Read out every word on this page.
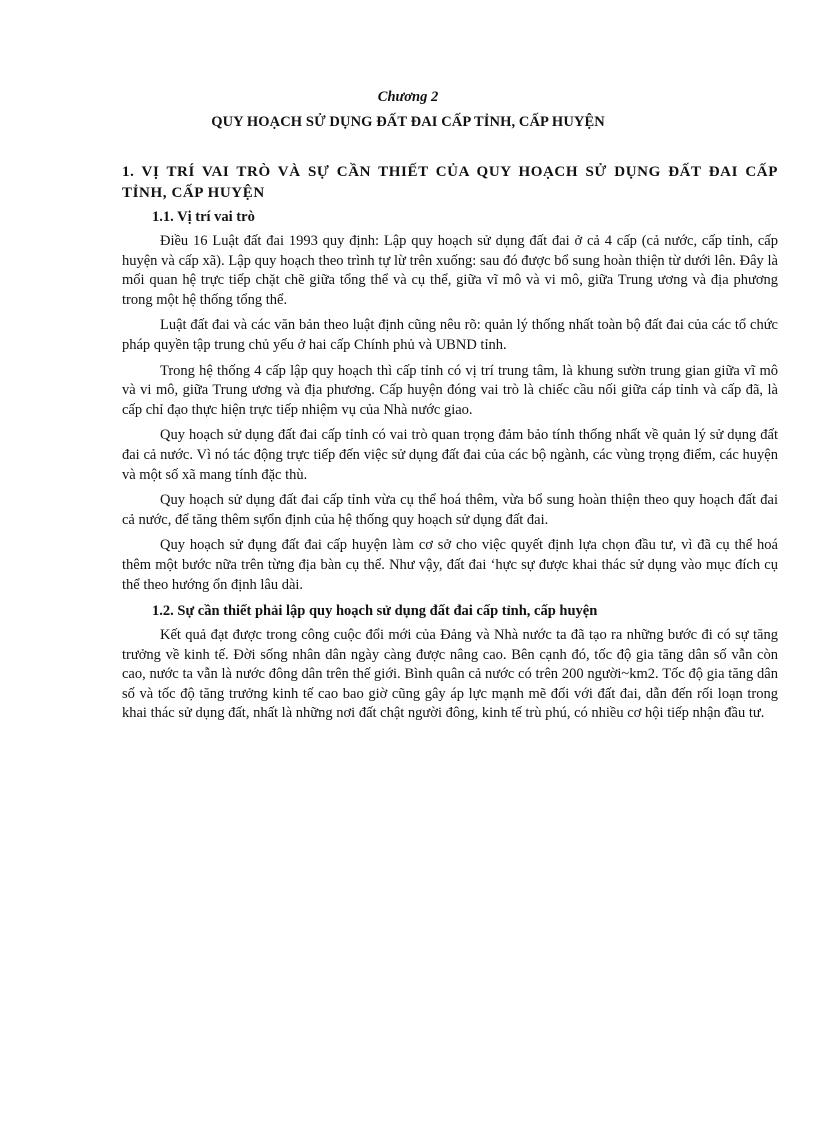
Chương 2
QUY HOẠCH SỬ DỤNG ĐẤT ĐAI CẤP TỈNH, CẤP HUYỆN
1. VỊ TRÍ VAI TRÒ VÀ SỰ CẦN THIẾT CỦA QUY HOẠCH SỬ DỤNG ĐẤT ĐAI CẤP TỈNH, CẤP HUYỆN
1.1. Vị trí vai trò

Điều 16 Luật đất đai 1993 quy định: Lập quy hoạch sử dụng đất đai ở cả 4 cấp (cả nước, cấp tỉnh, cấp huyện và cấp xã). Lập quy hoạch theo trình tự lừ trên xuống: sau đó được bổ sung hoàn thiện từ dưới lên. Đây là mối quan hệ trực tiếp chặt chẽ giữa tổng thể và cụ thể, giữa vĩ mô và vi mô, giữa Trung ương và địa phương trong một hệ thống tổng thể.

Luật đất đai và các văn bản theo luật định cũng nêu rõ: quản lý thống nhất toàn bộ đất đai của các tổ chức pháp quyền tập trung chủ yếu ở hai cấp Chính phủ và UBND tỉnh.

Trong hệ thống 4 cấp lập quy hoạch thì cấp tỉnh có vị trí trung tâm, là khung sườn trung gian giữa vĩ mô và vi mô, giữa Trung ương và địa phương. Cấp huyện đóng vai trò là chiếc cầu nối giữa cáp tỉnh và cấp đã, là cấp chỉ đạo thực hiện trực tiếp nhiệm vụ của Nhà nước giao.

Quy hoạch sử dụng đất đai cấp tỉnh có vai trò quan trọng đảm bảo tính thống nhất về quản lý sử dụng đất đai cả nước. Vì nó tác động trực tiếp đến việc sử dụng đất đai của các bộ ngành, các vùng trọng điểm, các huyện và một số xã mang tính đặc thù.

Quy hoạch sử dụng đất đai cấp tỉnh vừa cụ thể hoá thêm, vừa bổ sung hoàn thiện theo quy hoạch đất đai cả nước, để tăng thêm sựổn định của hệ thống quy hoạch sử dụng đất đai.

Quy hoạch sử đụng đất đai cấp huyện làm cơ sở cho việc quyết định lựa chọn đầu tư, vì đã cụ thể hoá thêm một bước nữa trên từng địa bàn cụ thể. Như vậy, đất đai ‘hực sự được khai thác sử dụng vào mục đích cụ thể theo hướng ổn định lâu dài.

1.2. Sự cần thiết phải lập quy hoạch sử dụng đất đai cấp tỉnh, cấp huyện

Kết quả đạt được trong công cuộc đổi mới của Đảng và Nhà nước ta đã tạo ra những bước đi có sự tăng trưởng về kinh tế. Đời sống nhân dân ngày càng được nâng cao. Bên cạnh đó, tốc độ gia tăng dân số vẫn còn cao, nước ta vẫn là nước đông dân trên thế giới. Bình quân cả nước có trên 200 người~km2. Tốc độ gia tăng dân số và tốc độ tăng trưởng kinh tế cao bao giờ cũng gây áp lực mạnh mẽ đối với đất đai, dẫn đến rối loạn trong khai thác sử dụng đất, nhất là những nơi đất chật người đông, kinh tế trù phú, có nhiều cơ hội tiếp nhận đầu tư.
